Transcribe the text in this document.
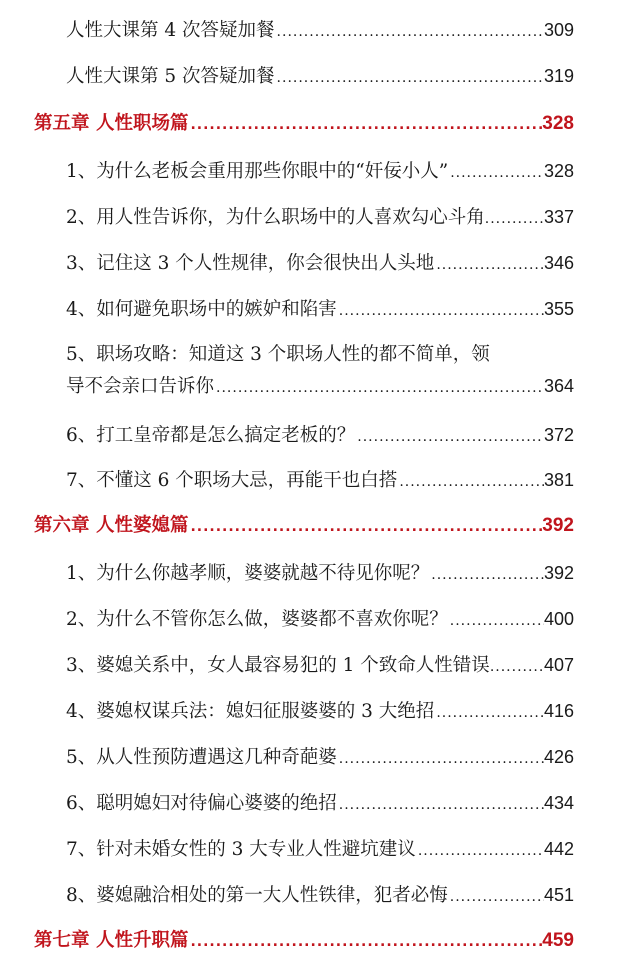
人性大课第 4 次答疑加餐 .....	309
人性大课第 5 次答疑加餐 .....	319
第五章 人性职场篇 .....	328
1、为什么老板会重用那些你眼中的“奸佞小人” .....	328
2、用人性告诉你，为什么职场中的人喜欢勾心斗角 .....	337
3、记住这 3 个人性规律，你会很快出人头地 .....	346
4、如何避免职场中的嫉妒和陷害 .....	355
5、职场攻略：知道这 3 个职场人性的都不简单，领
导不会亲口告诉你 .....	364
6、打工皇帝都是怎么搞定老板的？ .....	372
7、不懂这 6 个职场大忌，再能干也白搭 .....	381
第六章 人性婆媳篇 .....	392
1、为什么你越孝顺，婆婆就越不待见你呢？ .....	392
2、为什么不管你怎么做，婆婆都不喜欢你呢？ .....	400
3、婆媳关系中，女人最容易犯的 1 个致命人性错误 .....	407
4、婆媳权谋兵法：媳妇征服婆婆的 3 大绝招 .....	416
5、从人性预防遭遇这几种奇葩婆 .....	426
6、聪明媳妇对待偏心婆婆的绝招 .....	434
7、针对未婚女性的 3 大专业人性避坑建议 .....	442
8、婆媳融洽相处的第一大人性铁律，犯者必悔 .....	451
第七章 人性升职篇 .....	459
